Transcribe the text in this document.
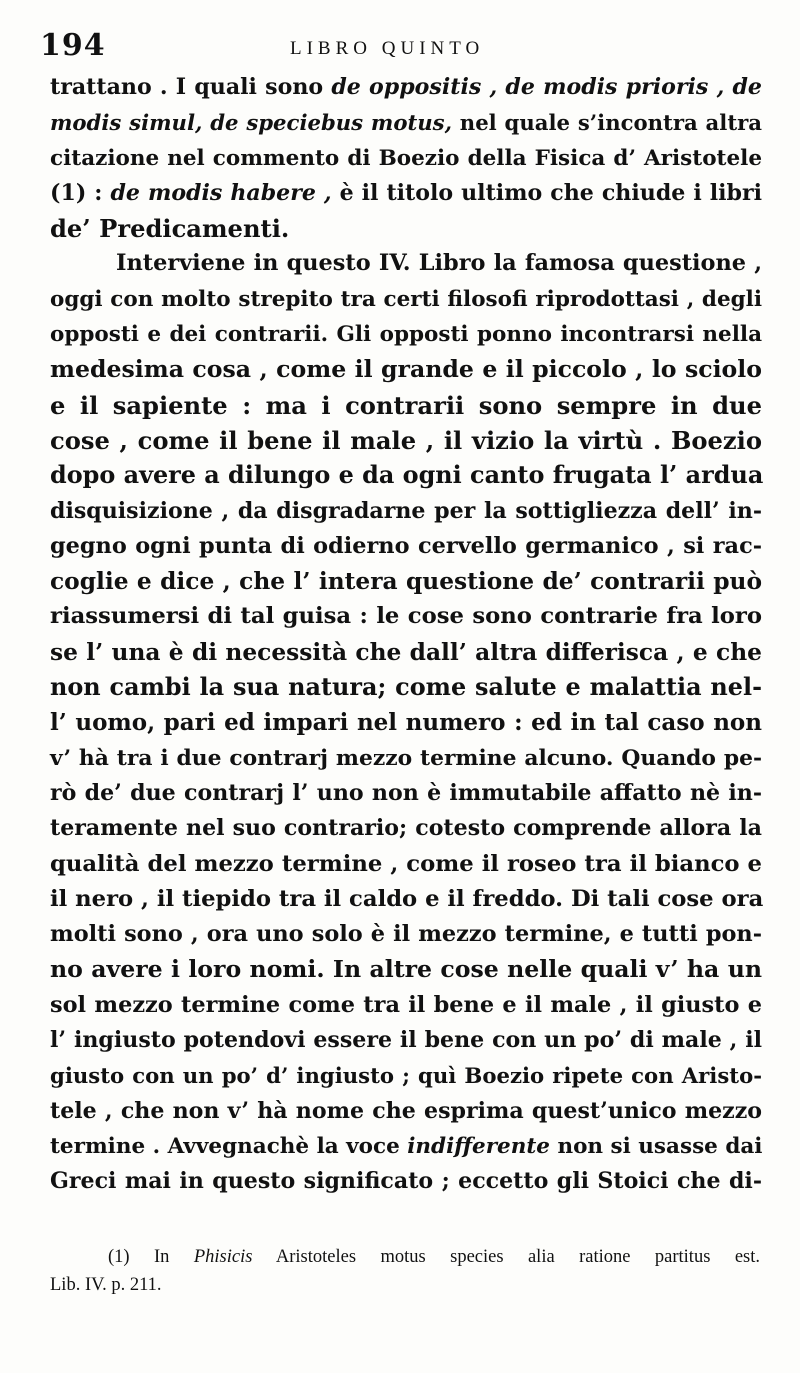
194	LIBRO QUINTO
trattano . I quali sono de oppositis , de modis prioris , de
modis simul, de speciebus motus, nel quale s’incontra altra
citazione nel commento di Boezio della Fisica d’ Aristotele
(1) : de modis habere , è il titolo ultimo che chiude i libri
de’ Predicamenti.
Interviene in questo IV. Libro la famosa questione ,
oggi con molto strepito tra certi filosofi riprodottasi , degli
opposti e dei contrarii. Gli opposti ponno incontrarsi nella
medesima cosa , come il grande e il piccolo , lo sciolo
e il sapiente : ma i contrarii sono sempre in due
cose , come il bene il male , il vizio la virtù . Boezio
dopo avere a dilungo e da ogni canto frugata l’ ardua
disquisizione , da disgradarne per la sottigliezza dell’ in-
gegno ogni punta di odierno cervello germanico , si rac-
coglie e dice , che l’ intera questione de’ contrarii può
riassumersi di tal guisa : le cose sono contrarie fra loro
se l’ una è di necessità che dall’ altra differisca , e che
non cambi la sua natura; come salute e malattia nel-
l’ uomo, pari ed impari nel numero : ed in tal caso non
v’ hà tra i due contrarj mezzo termine alcuno. Quando pe-
rò de’ due contrarj l’ uno non è immutabile affatto nè in-
teramente nel suo contrario; cotesto comprende allora la
qualità del mezzo termine , come il roseo tra il bianco e
il nero , il tiepido tra il caldo e il freddo. Di tali cose ora
molti sono , ora uno solo è il mezzo termine, e tutti pon-
no avere i loro nomi. In altre cose nelle quali v’ ha un
sol mezzo termine come tra il bene e il male , il giusto e
l’ ingiusto potendovi essere il bene con un po’ di male , il
giusto con un po’ d’ ingiusto ; quì Boezio ripete con Aristo-
tele , che non v’ hà nome che esprima quest’unico mezzo
termine . Avvegnachè la voce indifferente non si usasse dai
Greci mai in questo significato ; eccetto gli Stoici che di-
(1) In Phisicis Aristoteles motus species alia ratione partitus est.
Lib. IV. p. 211.
